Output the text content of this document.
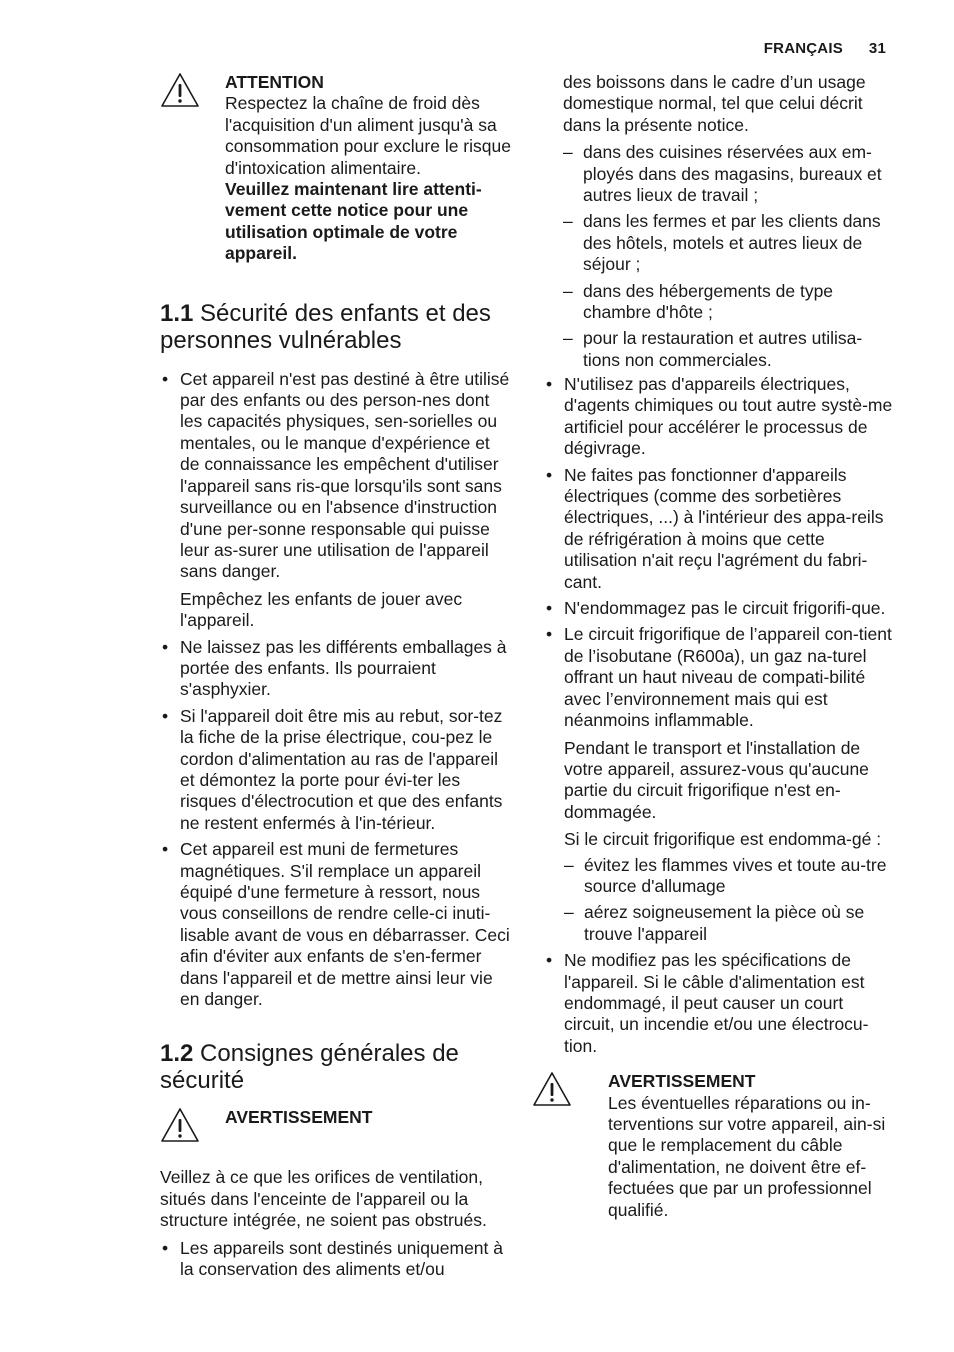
FRANÇAIS 31
ATTENTION
Respectez la chaîne de froid dès l'acquisition d'un aliment jusqu'à sa consommation pour exclure le risque d'intoxication alimentaire.
Veuillez maintenant lire attenti-vement cette notice pour une utilisation optimale de votre appareil.
1.1 Sécurité des enfants et des personnes vulnérables
• Cet appareil n'est pas destiné à être utilisé par des enfants ou des person-nes dont les capacités physiques, sen-sorielles ou mentales, ou le manque d'expérience et de connaissance les empêchent d'utiliser l'appareil sans ris-que lorsqu'ils sont sans surveillance ou en l'absence d'instruction d'une per-sonne responsable qui puisse leur as-surer une utilisation de l'appareil sans danger.
Empêchez les enfants de jouer avec l'appareil.
• Ne laissez pas les différents emballages à portée des enfants. Ils pourraient s'asphyxier.
• Si l'appareil doit être mis au rebut, sor-tez la fiche de la prise électrique, cou-pez le cordon d'alimentation au ras de l'appareil et démontez la porte pour évi-ter les risques d'électrocution et que des enfants ne restent enfermés à l'in-térieur.
• Cet appareil est muni de fermetures magnétiques. S'il remplace un appareil équipé d'une fermeture à ressort, nous vous conseillons de rendre celle-ci inuti-lisable avant de vous en débarrasser. Ceci afin d'éviter aux enfants de s'en-fermer dans l'appareil et de mettre ainsi leur vie en danger.
1.2 Consignes générales de sécurité
AVERTISSEMENT

Veillez à ce que les orifices de ventilation, situés dans l'enceinte de l'appareil ou la structure intégrée, ne soient pas obstrués.

• Les appareils sont destinés uniquement à la conservation des aliments et/ou

des boissons dans le cadre d’un usage domestique normal, tel que celui décrit dans la présente notice.

– dans des cuisines réservées aux em-ployés dans des magasins, bureaux et autres lieux de travail ;
– dans les fermes et par les clients dans des hôtels, motels et autres lieux de séjour ;
– dans des hébergements de type chambre d'hôte ;
– pour la restauration et autres utilisa-tions non commerciales.
• N'utilisez pas d'appareils électriques, d'agents chimiques ou tout autre systè-me artificiel pour accélérer le processus de dégivrage.
• Ne faites pas fonctionner d'appareils électriques (comme des sorbetières électriques, ...) à l'intérieur des appa-reils de réfrigération à moins que cette utilisation n'ait reçu l'agrément du fabri-cant.
• N'endommagez pas le circuit frigorifi-que.
• Le circuit frigorifique de l’appareil con-tient de l’isobutane (R600a), un gaz na-turel offrant un haut niveau de compati-bilité avec l’environnement mais qui est néanmoins inflammable.
Pendant le transport et l'installation de votre appareil, assurez-vous qu'aucune partie du circuit frigorifique n'est en-dommagée.
Si le circuit frigorifique est endomma-gé :
– évitez les flammes vives et toute au-tre source d'allumage
– aérez soigneusement la pièce où se trouve l'appareil
• Ne modifiez pas les spécifications de l'appareil. Si le câble d'alimentation est endommagé, il peut causer un court circuit, un incendie et/ou une électrocu-tion.
AVERTISSEMENT
Les éventuelles réparations ou in-terventions sur votre appareil, ain-si que le remplacement du câble d'alimentation, ne doivent être ef-fectuées que par un professionnel qualifié.
